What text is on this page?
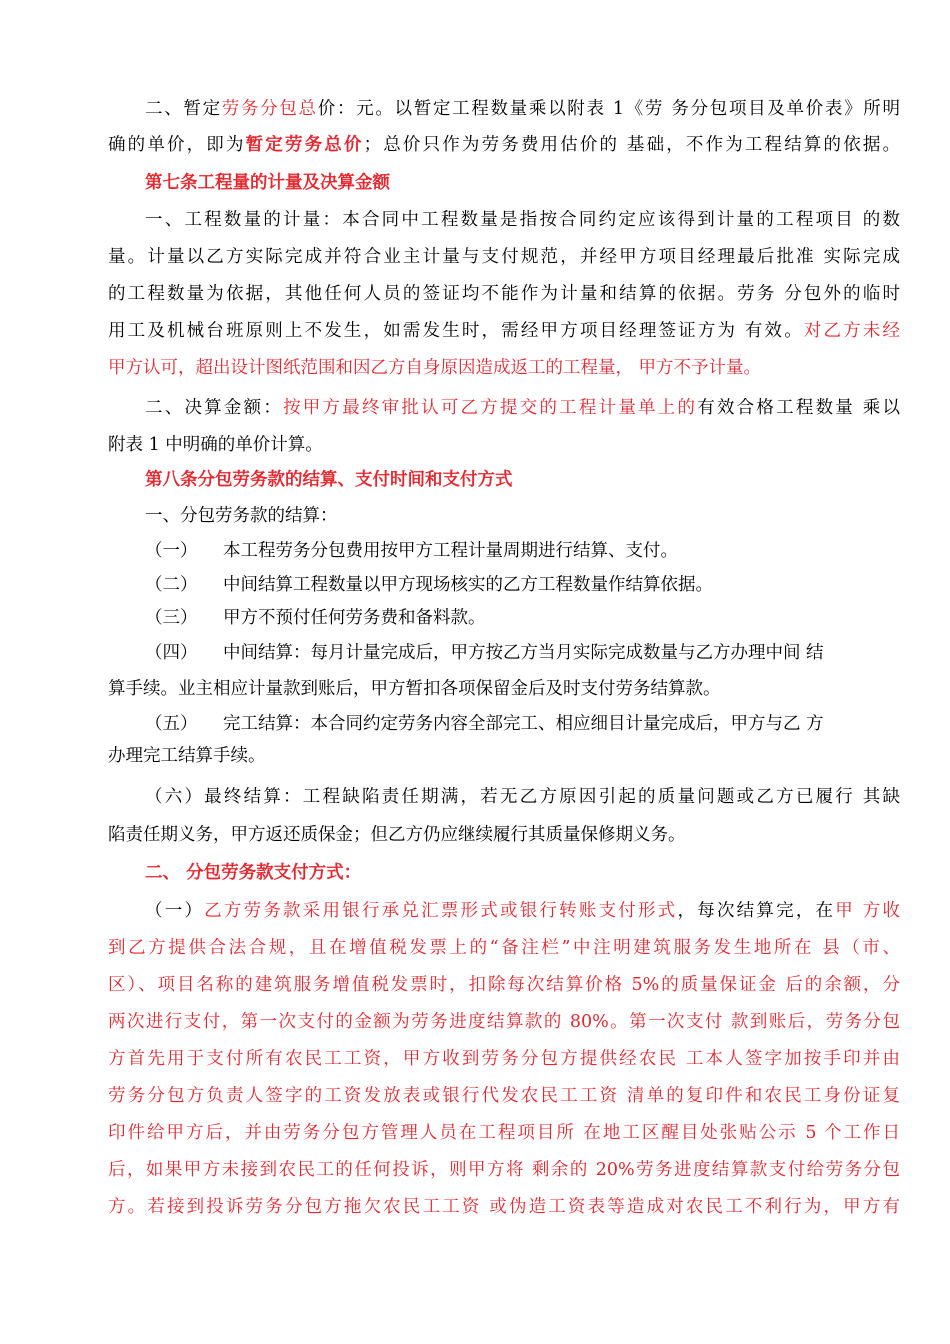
二、暂定劳务分包总价：元。以暂定工程数量乘以附表 1《劳 务分包项目及单价表》所明
确的单价，即为暂定劳务总价；总价只作为劳务费用估价的 基础，不作为工程结算的依据。
第七条工程量的计量及决算金额
一、工程数量的计量：本合同中工程数量是指按合同约定应该得到计量的工程项目 的数
量。计量以乙方实际完成并符合业主计量与支付规范，并经甲方项目经理最后批准 实际完成
的工程数量为依据，其他任何人员的签证均不能作为计量和结算的依据。劳务 分包外的临时
用工及机械台班原则上不发生，如需发生时，需经甲方项目经理签证方为 有效。对乙方未经
甲方认可，超出设计图纸范围和因乙方自身原因造成返工的工程量， 甲方不予计量。
二、决算金额：按甲方最终审批认可乙方提交的工程计量单上的有效合格工程数量 乘以
附表 1 中明确的单价计算。
第八条分包劳务款的结算、支付时间和支付方式
一、分包劳务款的结算：
（一） 本工程劳务分包费用按甲方工程计量周期进行结算、支付。
（二） 中间结算工程数量以甲方现场核实的乙方工程数量作结算依据。
（三） 甲方不预付任何劳务费和备料款。
（四） 中间结算：每月计量完成后，甲方按乙方当月实际完成数量与乙方办理中间 结
算手续。业主相应计量款到账后，甲方暂扣各项保留金后及时支付劳务结算款。
（五） 完工结算：本合同约定劳务内容全部完工、相应细目计量完成后，甲方与乙 方
办理完工结算手续。
（六）最终结算：工程缺陷责任期满，若无乙方原因引起的质量问题或乙方已履行 其缺
陷责任期义务，甲方返还质保金；但乙方仍应继续履行其质量保修期义务。
二、 分包劳务款支付方式：
（一）乙方劳务款采用银行承兑汇票形式或银行转账支付形式，每次结算完，在甲 方收
到乙方提供合法合规，且在增值税发票上的“备注栏”中注明建筑服务发生地所在 县（市、
区）、项目名称的建筑服务增值税发票时，扣除每次结算价格 5%的质量保证金 后的余额，分
两次进行支付，第一次支付的金额为劳务进度结算款的 80%。第一次支付 款到账后，劳务分包
方首先用于支付所有农民工工资，甲方收到劳务分包方提供经农民 工本人签字加按手印并由
劳务分包方负责人签字的工资发放表或银行代发农民工工资 清单的复印件和农民工身份证复
印件给甲方后，并由劳务分包方管理人员在工程项目所 在地工区醒目处张贴公示 5 个工作日
后，如果甲方未接到农民工的任何投诉，则甲方将 剩余的 20%劳务进度结算款支付给劳务分包
方。若接到投诉劳务分包方拖欠农民工工资 或伪造工资表等造成对农民工不利行为，甲方有
